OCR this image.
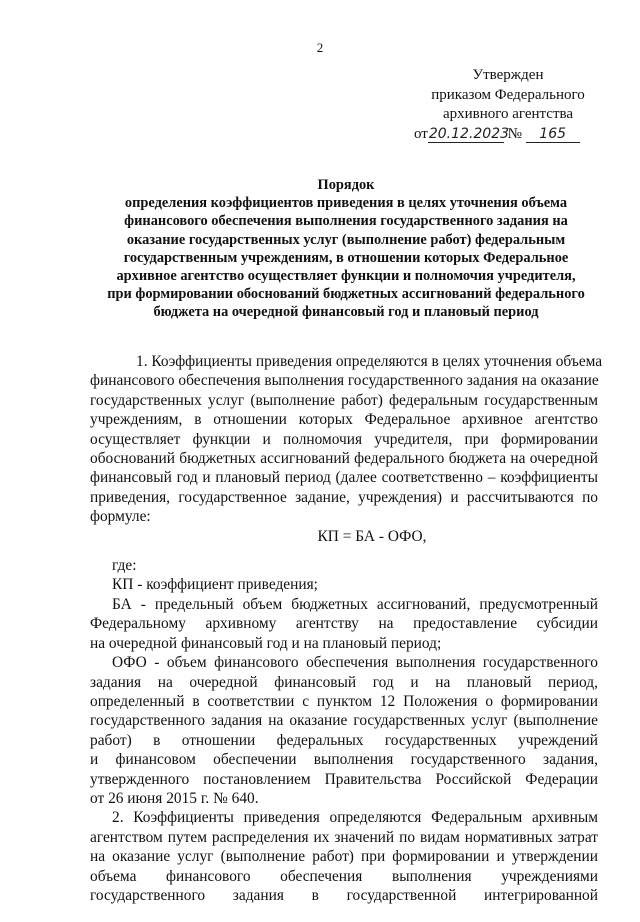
2
Утвержден
приказом Федерального
архивного агентства
от20.12.2023 № 165
Порядок
определения коэффициентов приведения в целях уточнения объема
финансового обеспечения выполнения государственного задания на
оказание государственных услуг (выполнение работ) федеральным
государственным учреждениям, в отношении которых Федеральное
архивное агентство осуществляет функции и полномочия учредителя,
при формировании обоснований бюджетных ассигнований федерального
бюджета на очередной финансовый год и плановый период
1. Коэффициенты приведения определяются в целях уточнения объема
финансового обеспечения выполнения государственного задания на оказание
государственных услуг (выполнение работ) федеральным государственным
учреждениям, в отношении которых Федеральное архивное агентство
осуществляет функции и полномочия учредителя, при формировании
обоснований бюджетных ассигнований федерального бюджета на очередной
финансовый год и плановый период (далее соответственно – коэффициенты
приведения, государственное задание, учреждения) и рассчитываются по
формуле:
КП = БА - ОФО,
где:
КП - коэффициент приведения;
БА - предельный объем бюджетных ассигнований, предусмотренный
Федеральному архивному агентству на предоставление субсидии
на очередной финансовый год и на плановый период;
ОФО - объем финансового обеспечения выполнения государственного
задания на очередной финансовый год и на плановый период,
определенный в соответствии с пунктом 12 Положения о формировании
государственного задания на оказание государственных услуг (выполнение
работ) в отношении федеральных государственных учреждений
и финансовом обеспечении выполнения государственного задания,
утвержденного постановлением Правительства Российской Федерации
от 26 июня 2015 г. № 640.
2. Коэффициенты приведения определяются Федеральным архивным
агентством путем распределения их значений по видам нормативных затрат
на оказание услуг (выполнение работ) при формировании и утверждении
объема финансового обеспечения выполнения учреждениями
государственного задания в государственной интегрированной
